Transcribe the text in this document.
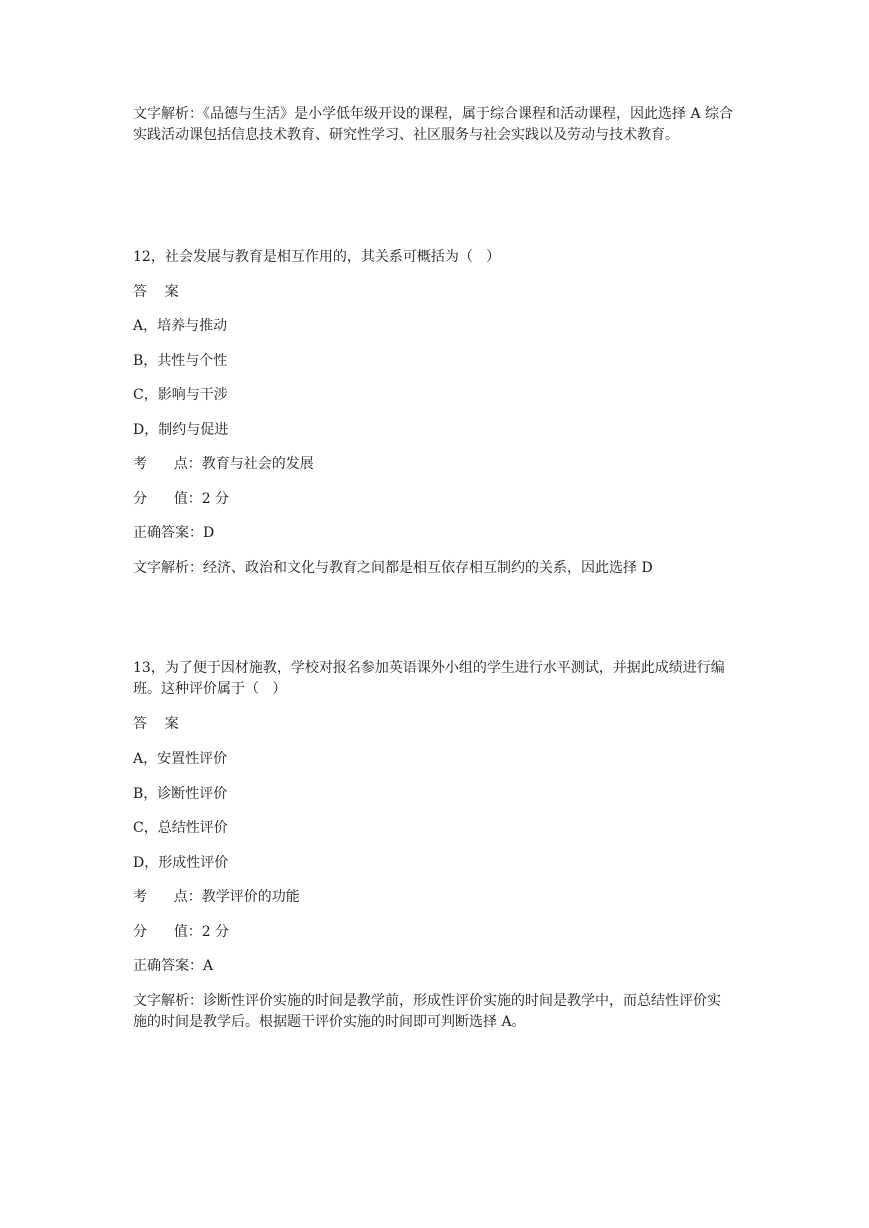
文字解析：《品德与生活》是小学低年级开设的课程，属于综合课程和活动课程，因此选择 A 综合实践活动课包括信息技术教育、研究性学习、社区服务与社会实践以及劳动与技术教育。
12，社会发展与教育是相互作用的，其关系可概括为（   ）
答    案
A，培养与推动
B，共性与个性
C，影响与干涉
D，制约与促进
考      点：教育与社会的发展
分      值：2 分
正确答案：D
文字解析：经济、政治和文化与教育之间都是相互依存相互制约的关系，因此选择 D
13，为了便于因材施教，学校对报名参加英语课外小组的学生进行水平测试，并据此成绩进行编班。这种评价属于（   ）
答    案
A，安置性评价
B，诊断性评价
C，总结性评价
D，形成性评价
考      点：教学评价的功能
分      值：2 分
正确答案：A
文字解析：诊断性评价实施的时间是教学前，形成性评价实施的时间是教学中，而总结性评价实施的时间是教学后。根据题干评价实施的时间即可判断选择 A。
